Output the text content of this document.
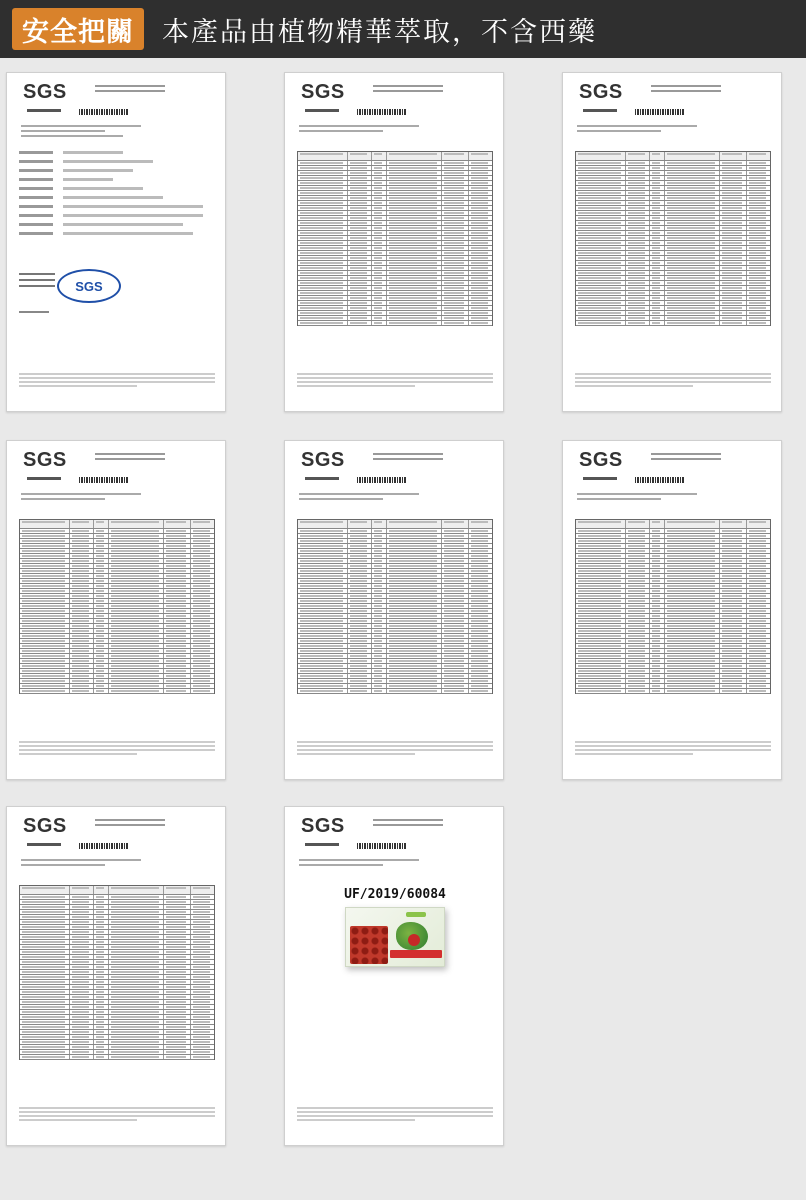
安全把關	本產品由植物精華萃取，不含西藥
SGS
SGS
SGS	SGS
SGS	SGS	SGS
SGS	SGS
UF/2019/60084
